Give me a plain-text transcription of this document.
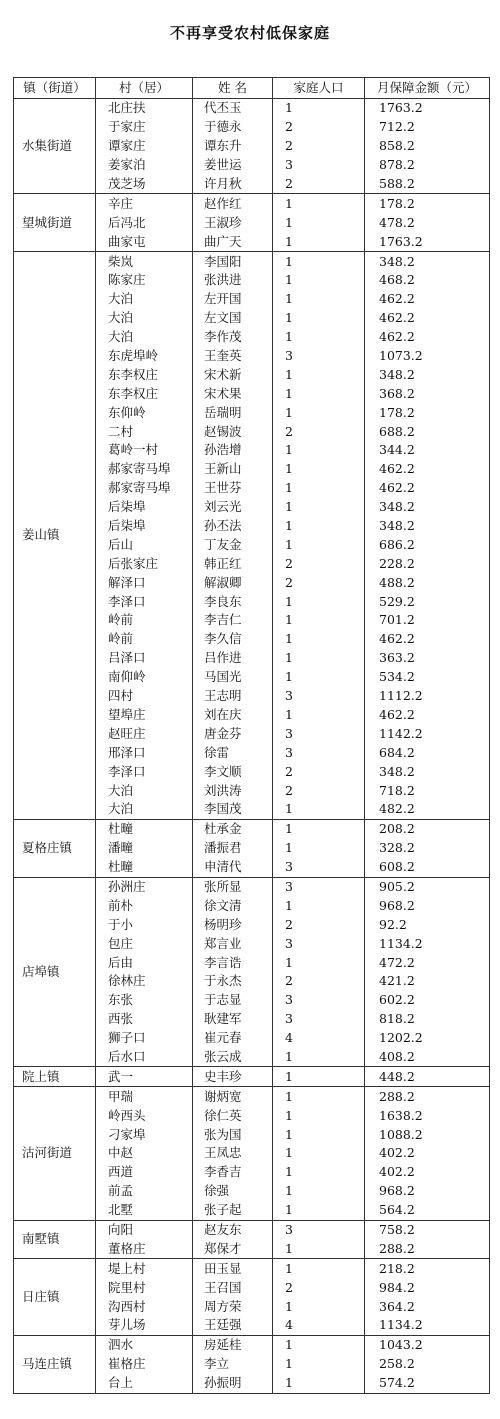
不再享受农村低保家庭
镇（街道）	村（居）	姓 名	家庭人口	月保障金额（元）
水集街道	北庄扶	代丕玉	1	1763.2
	于家庄	于德永	2	712.2
	谭家庄	谭东升	2	858.2
	姜家泊	姜世运	3	878.2
	茂芝场	许月秋	2	588.2
望城街道	辛庄	赵作红	1	178.2
	后冯北	王淑珍	1	478.2
	曲家屯	曲广天	1	1763.2
姜山镇	柴岚	李国阳	1	348.2
	陈家庄	张洪进	1	468.2
	大泊	左开国	1	462.2
	大泊	左文国	1	462.2
	大泊	李作茂	1	462.2
	东虎埠岭	王奎英	3	1073.2
	东李权庄	宋术新	1	348.2
	东李权庄	宋术果	1	368.2
	东仰岭	岳瑞明	1	178.2
	二村	赵锡波	2	688.2
	葛岭一村	孙浩增	1	344.2
	郝家寄马埠	王新山	1	462.2
	郝家寄马埠	王世芬	1	462.2
	后柒埠	刘云光	1	348.2
	后柒埠	孙丕法	1	348.2
	后山	丁友金	1	686.2
	后张家庄	韩正红	2	228.2
	解泽口	解淑卿	2	488.2
	李泽口	李良东	1	529.2
	岭前	李吉仁	1	701.2
	岭前	李久信	1	462.2
	吕泽口	吕作进	1	363.2
	南仰岭	马国光	1	534.2
	四村	王志明	3	1112.2
	望埠庄	刘在庆	1	462.2
	赵旺庄	唐金芬	3	1142.2
	邢泽口	徐雷	3	684.2
	李泽口	李文顺	2	348.2
	大泊	刘洪涛	2	718.2
	大泊	李国茂	1	482.2
夏格庄镇	杜疃	杜承金	1	208.2
	潘疃	潘振君	1	328.2
	杜疃	申清代	3	608.2
店埠镇	孙洲庄	张所显	3	905.2
	前朴	徐文清	1	968.2
	于小	杨明珍	2	92.2
	包庄	郑言业	3	1134.2
	后由	李言诰	1	472.2
	徐林庄	于永杰	2	421.2
	东张	于志显	3	602.2
	西张	耿建军	3	818.2
	狮子口	崔元春	4	1202.2
	后水口	张云成	1	408.2
院上镇	武一	史丰珍	1	448.2
沽河街道	甲瑞	谢炳宽	1	288.2
	岭西头	徐仁英	1	1638.2
	刁家埠	张为国	1	1088.2
	中赵	王凤忠	1	402.2
	西道	李香吉	1	402.2
	前孟	徐强	1	968.2
	北墅	张子起	1	564.2
南墅镇	向阳	赵友东	3	758.2
	董格庄	郑保才	1	288.2
日庄镇	堤上村	田玉显	1	218.2
	院里村	王召国	2	984.2
	沟西村	周方荣	1	364.2
	芽儿场	王廷强	4	1134.2
马连庄镇	泗水	房延桂	1	1043.2
	崔格庄	李立	1	258.2
	台上	孙振明	1	574.2
